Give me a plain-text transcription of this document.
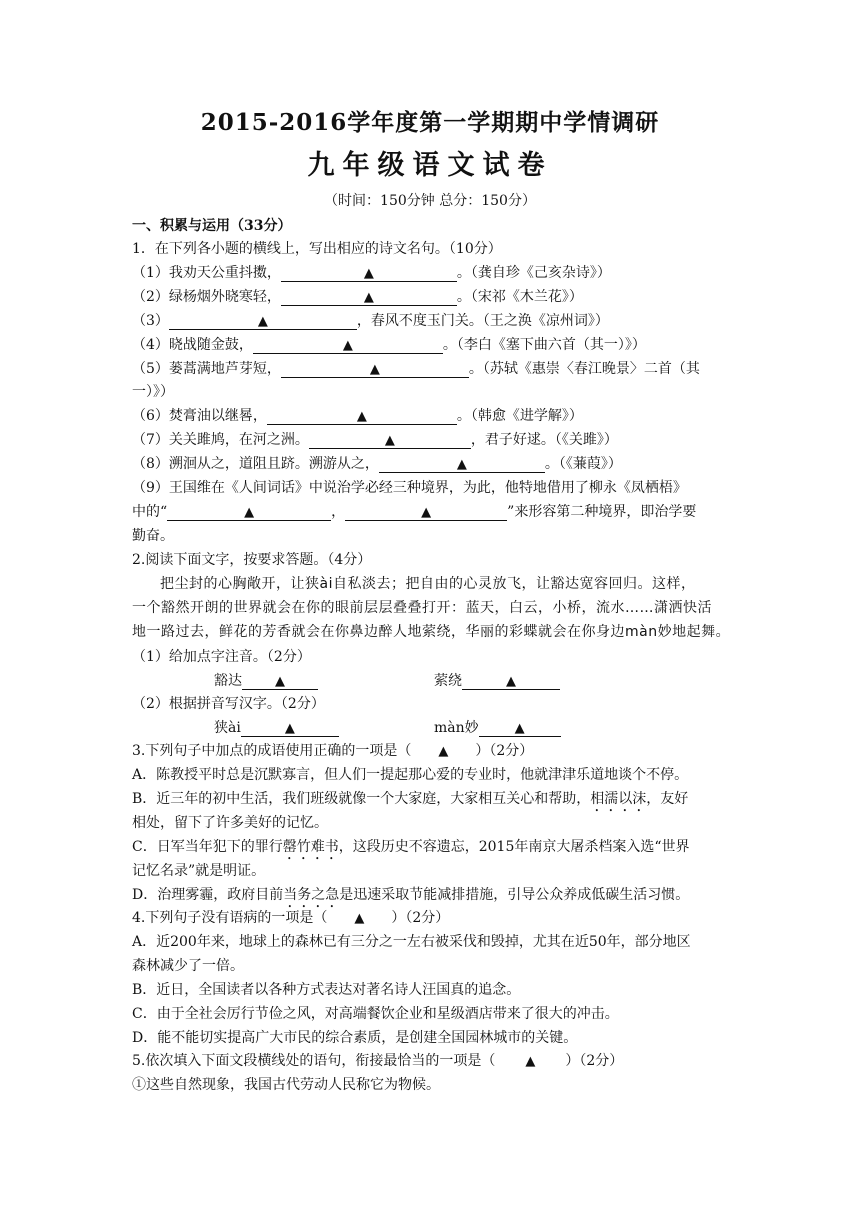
2015-2016学年度第一学期期中学情调研
九年级语文试卷
（时间：150分钟 总分：150分）
一、积累与运用（33分）
1．在下列各小题的横线上，写出相应的诗文名句。（10分）
（1）我劝天公重抖擞，	▲	。（龚自珍《己亥杂诗》）
（2）绿杨烟外晓寒轻，	▲	。（宋祁《木兰花》）
（3）	▲	，春风不度玉门关。（王之涣《凉州词》）
（4）晓战随金鼓，	▲	。（李白《塞下曲六首（其一）》）
（5）蒌蒿满地芦芽短，	▲	。（苏轼《惠崇〈春江晚景〉二首（其
一）》）
（6）焚膏油以继晷，	▲	。（韩愈《进学解》）
（7）关关雎鸠，在河之洲。	▲	，君子好逑。（《关雎》）
（8）溯洄从之，道阻且跻。溯游从之，	▲	。（《蒹葭》）
（9）王国维在《人间词话》中说治学必经三种境界，为此，他特地借用了柳永《凤栖梧》
中的“	▲	，	▲	”来形容第二种境界，即治学要
勤奋。
2.阅读下面文字，按要求答题。（4分）
把尘封的心胸敞开，让狭ài自私淡去；把自由的心灵放飞，让豁达宽容回归。这样，
一个豁然开朗的世界就会在你的眼前层层叠叠打开：蓝天，白云，小桥，流水……潇洒快活
地一路过去，鲜花的芳香就会在你鼻边醉人地萦绕，华丽的彩蝶就会在你身边màn妙地起舞。
（1）给加点字注音。（2分）
豁达	▲	萦绕	▲
（2）根据拼音写汉字。（2分）
狭ài	▲	màn妙	▲
3.下列句子中加点的成语使用正确的一项是（ ▲ ）（2分）
A．陈教授平时总是沉默寡言，但人们一提起那心爱的专业时，他就津津乐道地谈个不停。
B．近三年的初中生活，我们班级就像一个大家庭，大家相互关心和帮助，相濡以沫，友好
相处，留下了许多美好的记忆。
C．日军当年犯下的罪行罄竹难书，这段历史不容遗忘，2015年南京大屠杀档案入选“世界
记忆名录”就是明证。
D．治理雾霾，政府目前当务之急是迅速采取节能减排措施，引导公众养成低碳生活习惯。
4.下列句子没有语病的一项是（ ▲ ）（2分）
A．近200年来，地球上的森林已有三分之一左右被采伐和毁掉，尤其在近50年，部分地区
森林减少了一倍。
B．近日，全国读者以各种方式表达对著名诗人汪国真的追念。
C．由于全社会厉行节俭之风，对高端餐饮企业和星级酒店带来了很大的冲击。
D．能不能切实提高广大市民的综合素质，是创建全国园林城市的关键。
5.依次填入下面文段横线处的语句，衔接最恰当的一项是（ ▲ ）（2分）
①这些自然现象，我国古代劳动人民称它为物候。
